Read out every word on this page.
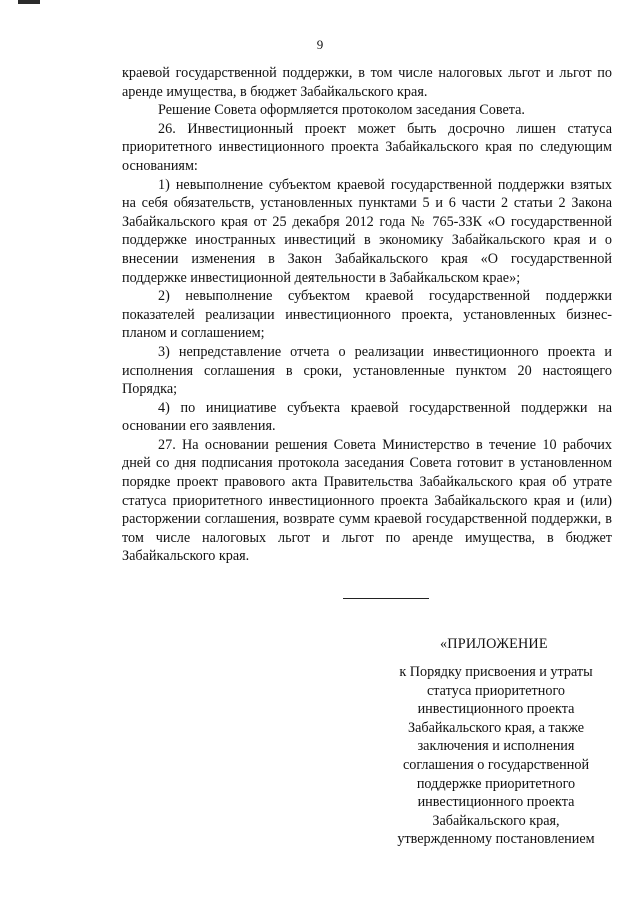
9

краевой государственной поддержки, в том числе налоговых льгот и льгот по аренде имущества, в бюджет Забайкальского края.

Решение Совета оформляется протоколом заседания Совета.

26. Инвестиционный проект может быть досрочно лишен статуса приоритетного инвестиционного проекта Забайкальского края по следующим основаниям:

1) невыполнение субъектом краевой государственной поддержки взятых на себя обязательств, установленных пунктами 5 и 6 части 2 статьи 2 Закона Забайкальского края от 25 декабря 2012 года № 765-ЗЗК «О государственной поддержке иностранных инвестиций в экономику Забайкальского края и о внесении изменения в Закон Забайкальского края «О государственной поддержке инвестиционной деятельности в Забайкальском крае»;

2) невыполнение субъектом краевой государственной поддержки показателей реализации инвестиционного проекта, установленных бизнес-планом и соглашением;

3) непредставление отчета о реализации инвестиционного проекта и исполнения соглашения в сроки, установленные пунктом 20 настоящего Порядка;

4) по инициативе субъекта краевой государственной поддержки на основании его заявления.

27. На основании решения Совета Министерство в течение 10 рабочих дней со дня подписания протокола заседания Совета готовит в установленном порядке проект правового акта Правительства Забайкальского края об утрате статуса приоритетного инвестиционного проекта Забайкальского края и (или) расторжении соглашения, возврате сумм краевой государственной поддержки, в том числе налоговых льгот и льгот по аренде имущества, в бюджет Забайкальского края.

«ПРИЛОЖЕНИЕ
к Порядку присвоения и утраты
статуса приоритетного
инвестиционного проекта
Забайкальского края, а также
заключения и исполнения
соглашения о государственной
поддержке приоритетного
инвестиционного проекта
Забайкальского края,
утвержденному постановлением
